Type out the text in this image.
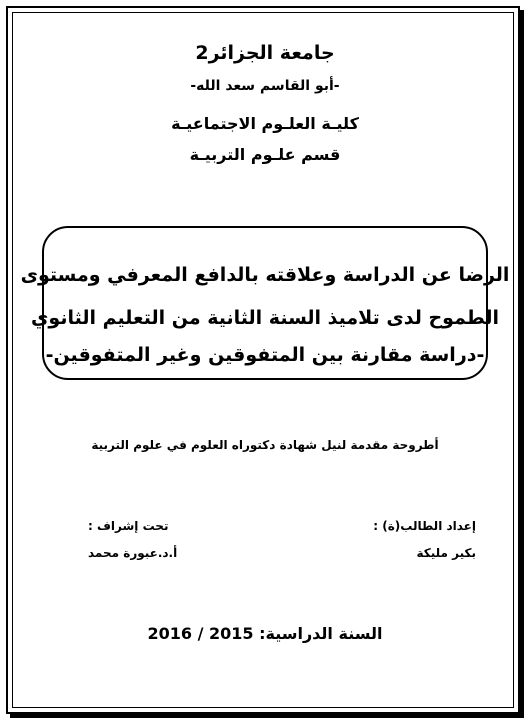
جامعة الجزائر2
-أبو القاسم سعد الله-
كليـة العلـوم الاجتماعيـة
قسم علـوم التربيـة
الرضا عن الدراسة وعلاقته بالدافع المعرفي ومستوى
الطموح لدى تلاميذ السنة الثانية من التعليم الثانوي
-دراسة مقارنة بين المتفوقين وغير المتفوقين-
أطروحة مقدمة لنيل شهادة دكتوراه العلوم في علوم التربية
إعداد الطالب(ة) :
بكير مليكة
تحت إشراف :
أ.د.عبورة محمد
السنة الدراسية: 2015 / 2016
